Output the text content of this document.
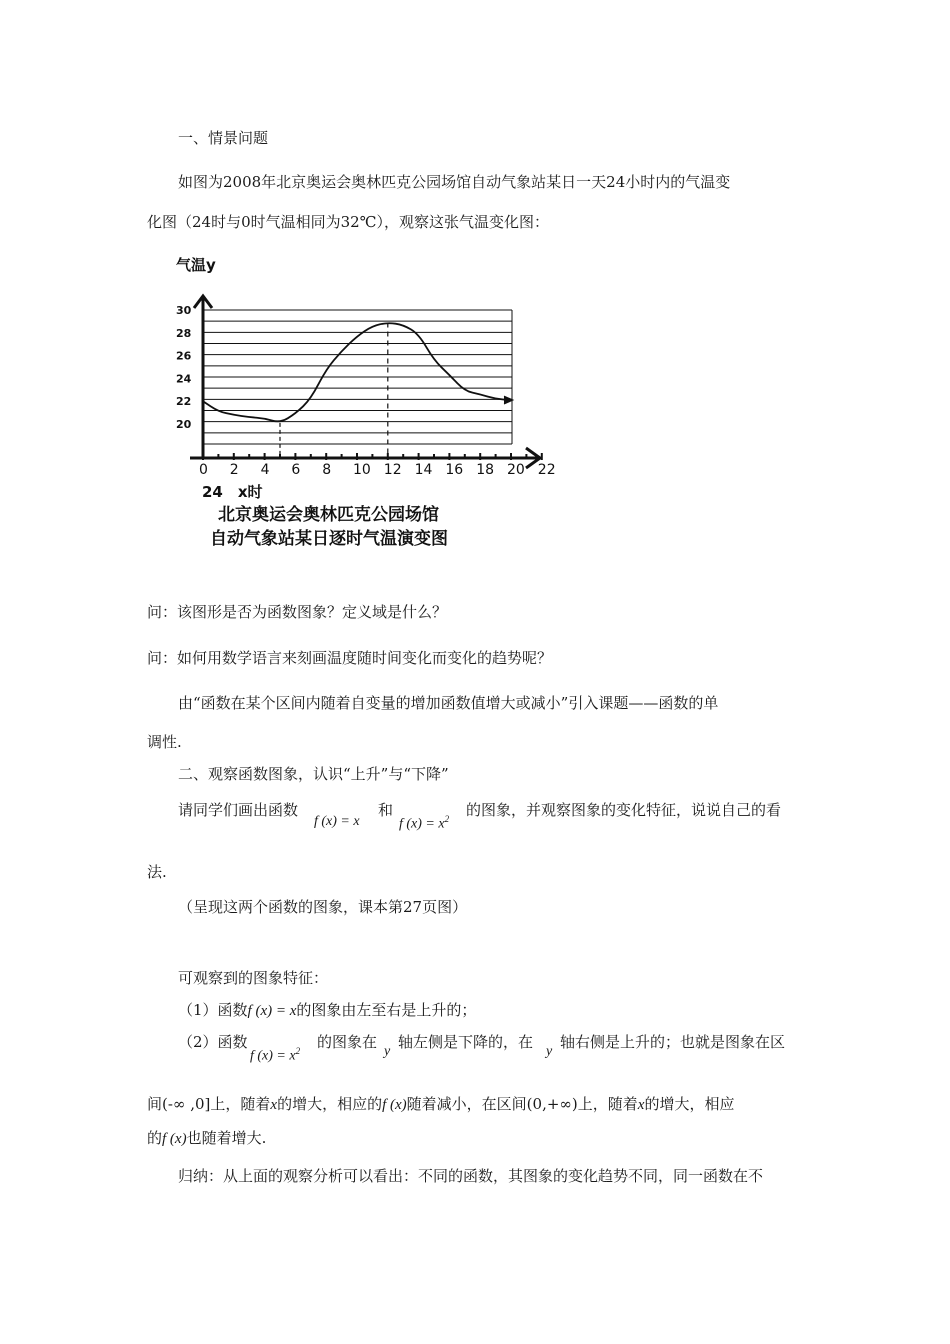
一、情景问题
如图为2008年北京奥运会奥林匹克公园场馆自动气象站某日一天24小时内的气温变
化图（24时与0时气温相同为32℃），观察这张气温变化图：
气温y
30
28
26
24
22
20
0 2 4 6 8 10 12 14 16 18 20 22
24　x时
北京奥运会奥林匹克公园场馆
自动气象站某日逐时气温演变图
问：该图形是否为函数图象？定义域是什么？
问：如何用数学语言来刻画温度随时间变化而变化的趋势呢？
由“函数在某个区间内随着自变量的增加函数值增大或减小”引入课题——函数的单
调性.
二、观察函数图象，认识“上升”与“下降”
请同学们画出函数
f (x) = x
和
f $(x) = x^2$ 的图象，并观察图象的变化特征，说说自己的看
法.
（呈现这两个函数的图象，课本第27页图）
可观察到的图象特征：
（1）函数f (x) = x的图象由左至右是上升的；
（2）函数
f $(x) = x^2$ 的图象在
y
轴左侧是下降的，在
y
轴右侧是上升的；也就是图象在区
间(-∞ ,0]上，随着x的增大，相应的f (x)随着减小，在区间(0,+∞)上，随着x的增大，相应
的f (x)也随着增大.
归纳：从上面的观察分析可以看出：不同的函数，其图象的变化趋势不同，同一函数在不
